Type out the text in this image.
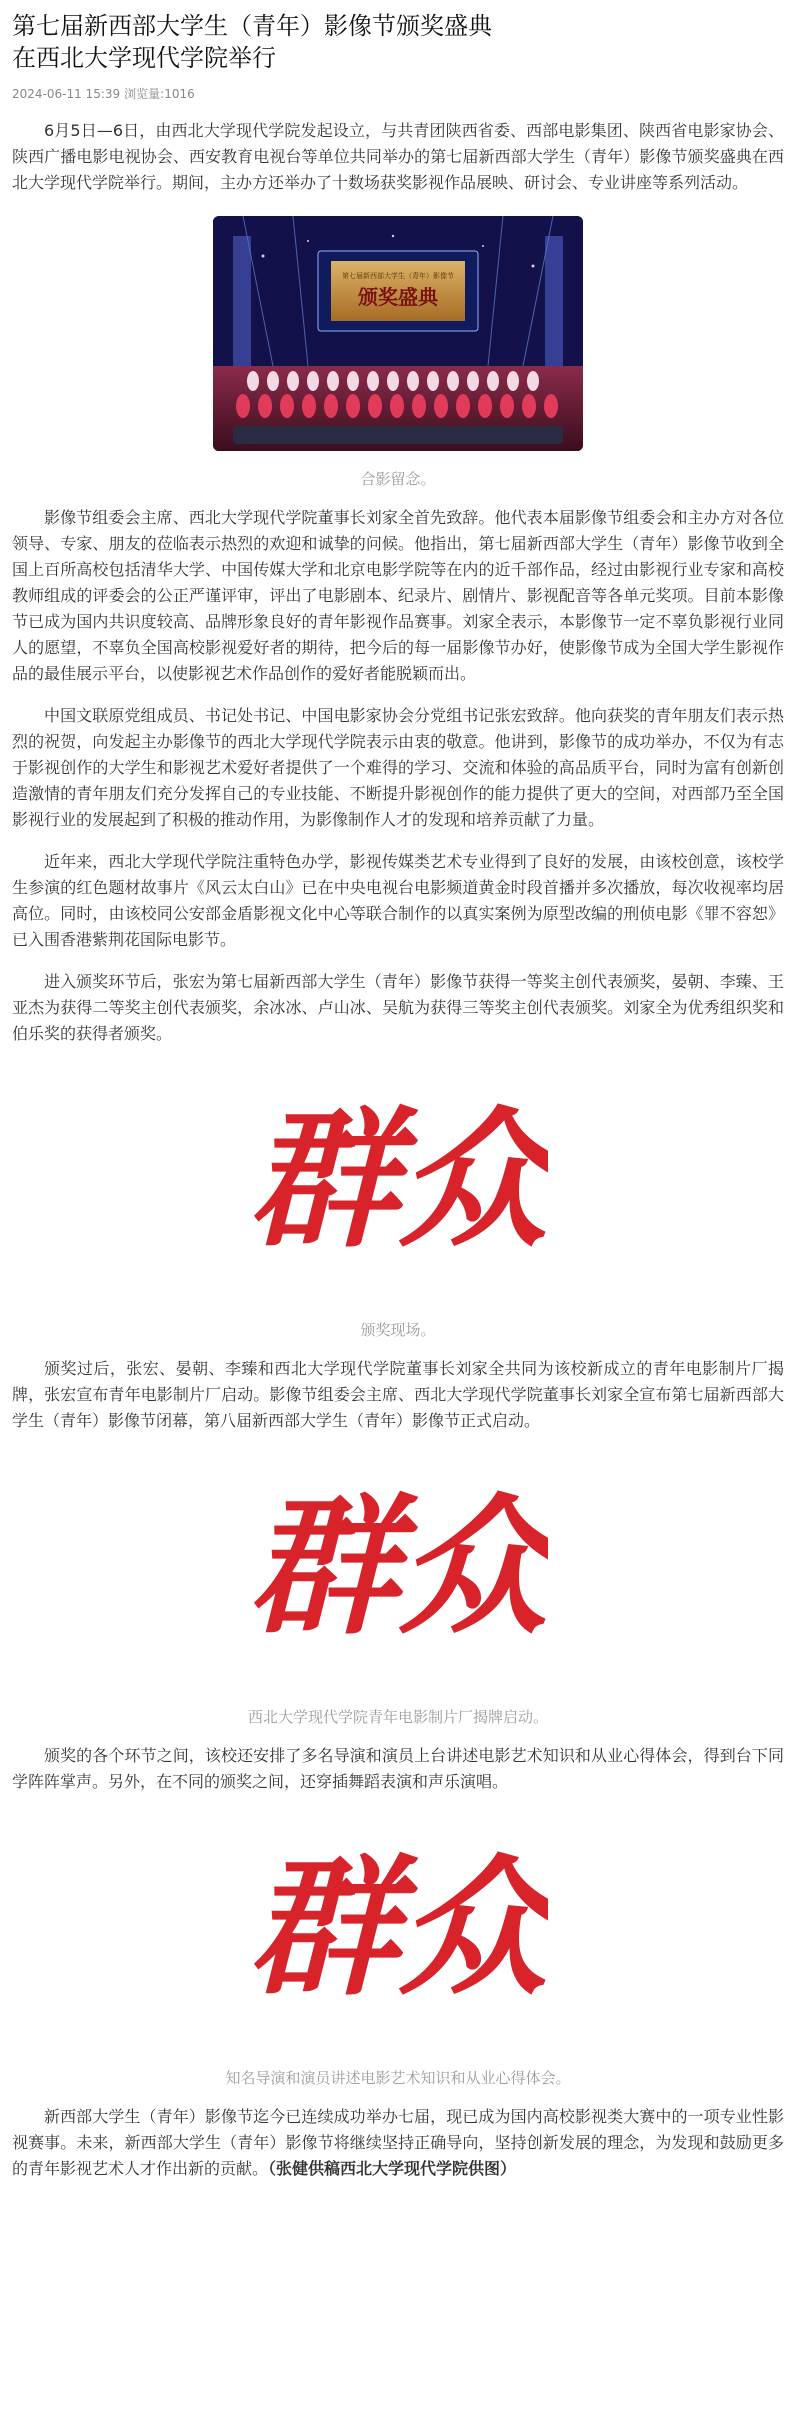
第七届新西部大学生（青年）影像节颁奖盛典
在西北大学现代学院举行
2024-06-11 15:39 浏览量:1016

6月5日—6日，由西北大学现代学院发起设立，与共青团陕西省委、西部电影集团、陕西省电影家协会、陕西广播电影电视协会、西安教育电视台等单位共同举办的第七届新西部大学生（青年）影像节颁奖盛典在西北大学现代学院举行。期间，主办方还举办了十数场获奖影视作品展映、研讨会、专业讲座等系列活动。

第七届新西部大学生（青年）影像节
颁奖盛典
合影留念。

影像节组委会主席、西北大学现代学院董事长刘家全首先致辞。他代表本届影像节组委会和主办方对各位领导、专家、朋友的莅临表示热烈的欢迎和诚挚的问候。他指出，第七届新西部大学生（青年）影像节收到全国上百所高校包括清华大学、中国传媒大学和北京电影学院等在内的近千部作品，经过由影视行业专家和高校教师组成的评委会的公正严谨评审，评出了电影剧本、纪录片、剧情片、影视配音等各单元奖项。目前本影像节已成为国内共识度较高、品牌形象良好的青年影视作品赛事。刘家全表示，本影像节一定不辜负影视行业同人的愿望，不辜负全国高校影视爱好者的期待，把今后的每一届影像节办好，使影像节成为全国大学生影视作品的最佳展示平台，以使影视艺术作品创作的爱好者能脱颖而出。

中国文联原党组成员、书记处书记、中国电影家协会分党组书记张宏致辞。他向获奖的青年朋友们表示热烈的祝贺，向发起主办影像节的西北大学现代学院表示由衷的敬意。他讲到，影像节的成功举办，不仅为有志于影视创作的大学生和影视艺术爱好者提供了一个难得的学习、交流和体验的高品质平台，同时为富有创新创造激情的青年朋友们充分发挥自己的专业技能、不断提升影视创作的能力提供了更大的空间，对西部乃至全国影视行业的发展起到了积极的推动作用，为影像制作人才的发现和培养贡献了力量。

近年来，西北大学现代学院注重特色办学，影视传媒类艺术专业得到了良好的发展，由该校创意，该校学生参演的红色题材故事片《风云太白山》已在中央电视台电影频道黄金时段首播并多次播放，每次收视率均居高位。同时，由该校同公安部金盾影视文化中心等联合制作的以真实案例为原型改编的刑侦电影《罪不容恕》已入围香港紫荆花国际电影节。

进入颁奖环节后，张宏为第七届新西部大学生（青年）影像节获得一等奖主创代表颁奖，晏朝、李臻、王亚杰为获得二等奖主创代表颁奖，余冰冰、卢山冰、吴航为获得三等奖主创代表颁奖。刘家全为优秀组织奖和伯乐奖的获得者颁奖。

群众
颁奖现场。

颁奖过后，张宏、晏朝、李臻和西北大学现代学院董事长刘家全共同为该校新成立的青年电影制片厂揭牌，张宏宣布青年电影制片厂启动。影像节组委会主席、西北大学现代学院董事长刘家全宣布第七届新西部大学生（青年）影像节闭幕，第八届新西部大学生（青年）影像节正式启动。

群众
西北大学现代学院青年电影制片厂揭牌启动。

颁奖的各个环节之间，该校还安排了多名导演和演员上台讲述电影艺术知识和从业心得体会，得到台下同学阵阵掌声。另外，在不同的颁奖之间，还穿插舞蹈表演和声乐演唱。

群众
知名导演和演员讲述电影艺术知识和从业心得体会。

新西部大学生（青年）影像节迄今已连续成功举办七届，现已成为国内高校影视类大赛中的一项专业性影视赛事。未来，新西部大学生（青年）影像节将继续坚持正确导向，坚持创新发展的理念，为发现和鼓励更多的青年影视艺术人才作出新的贡献。（张健供稿西北大学现代学院供图）
